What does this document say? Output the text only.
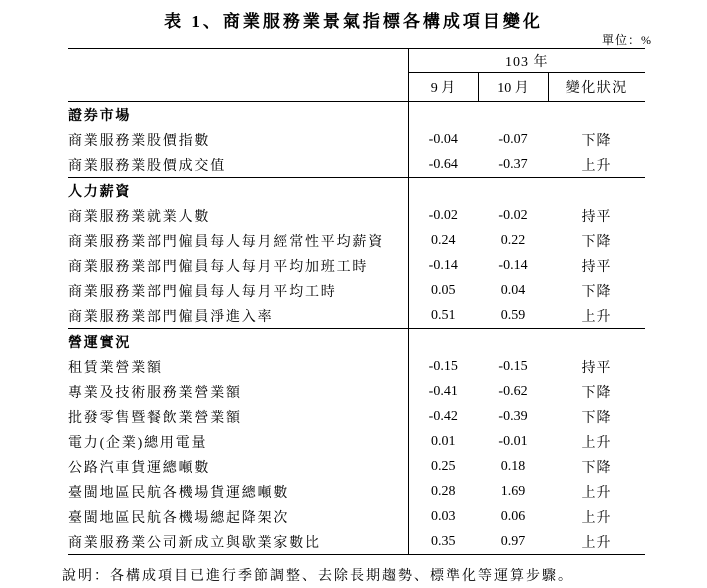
表 1、商業服務業景氣指標各構成項目變化
單位：%
	103 年		
	9 月	10 月	變化狀況
證券市場			
商業服務業股價指數	-0.04	-0.07	下降
商業服務業股價成交值	-0.64	-0.37	上升
人力薪資			
商業服務業就業人數	-0.02	-0.02	持平
商業服務業部門僱員每人每月經常性平均薪資	0.24	0.22	下降
商業服務業部門僱員每人每月平均加班工時	-0.14	-0.14	持平
商業服務業部門僱員每人每月平均工時	0.05	0.04	下降
商業服務業部門僱員淨進入率	0.51	0.59	上升
營運實況			
租賃業營業額	-0.15	-0.15	持平
專業及技術服務業營業額	-0.41	-0.62	下降
批發零售暨餐飲業營業額	-0.42	-0.39	下降
電力(企業)總用電量	0.01	-0.01	上升
公路汽車貨運總噸數	0.25	0.18	下降
臺閩地區民航各機場貨運總噸數	0.28	1.69	上升
臺閩地區民航各機場總起降架次	0.03	0.06	上升
商業服務業公司新成立與歇業家數比	0.35	0.97	上升
說明：各構成項目已進行季節調整、去除長期趨勢、標準化等運算步驟。
